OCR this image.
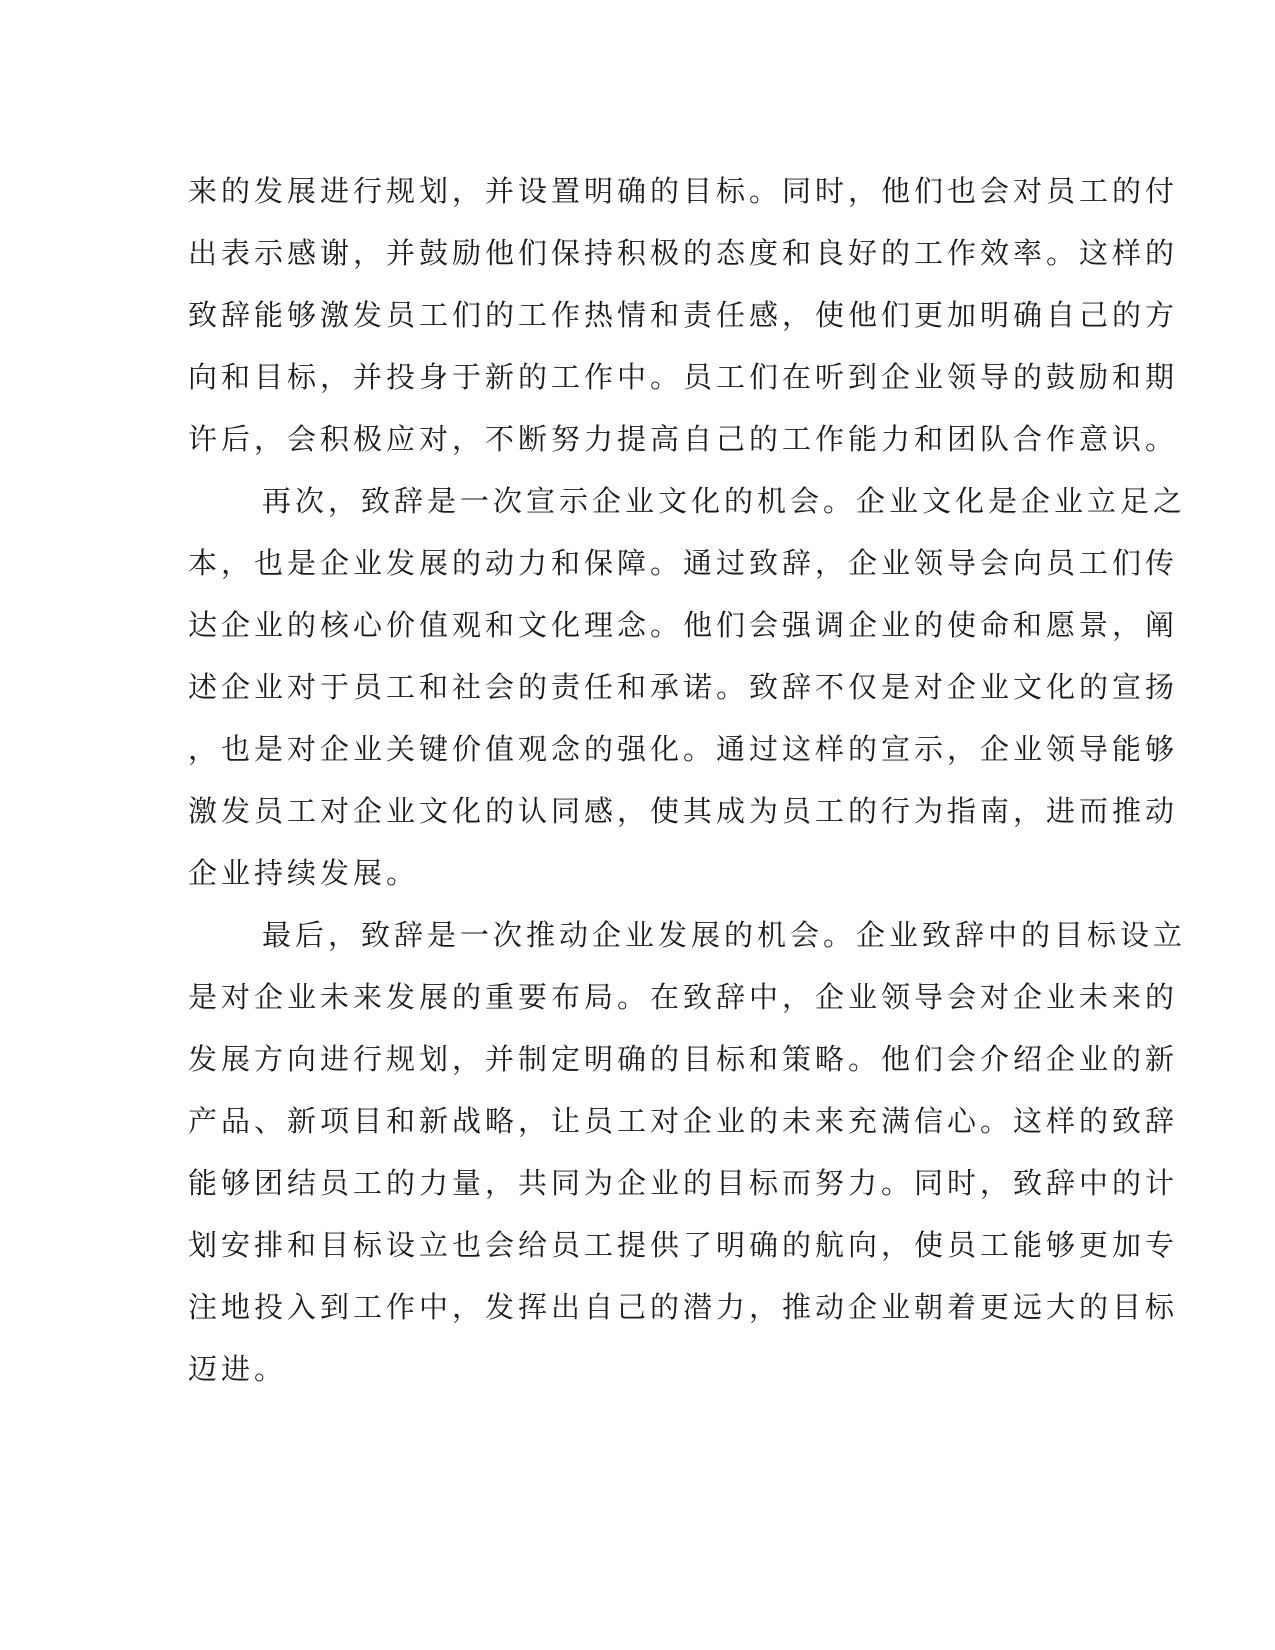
来的发展进行规划，并设置明确的目标。同时，他们也会对员工的付
出表示感谢，并鼓励他们保持积极的态度和良好的工作效率。这样的
致辞能够激发员工们的工作热情和责任感，使他们更加明确自己的方
向和目标，并投身于新的工作中。员工们在听到企业领导的鼓励和期
许后，会积极应对，不断努力提高自己的工作能力和团队合作意识。

再次，致辞是一次宣示企业文化的机会。企业文化是企业立足之
本，也是企业发展的动力和保障。通过致辞，企业领导会向员工们传
达企业的核心价值观和文化理念。他们会强调企业的使命和愿景，阐
述企业对于员工和社会的责任和承诺。致辞不仅是对企业文化的宣扬
，也是对企业关键价值观念的强化。通过这样的宣示，企业领导能够
激发员工对企业文化的认同感，使其成为员工的行为指南，进而推动
企业持续发展。

最后，致辞是一次推动企业发展的机会。企业致辞中的目标设立
是对企业未来发展的重要布局。在致辞中，企业领导会对企业未来的
发展方向进行规划，并制定明确的目标和策略。他们会介绍企业的新
产品、新项目和新战略，让员工对企业的未来充满信心。这样的致辞
能够团结员工的力量，共同为企业的目标而努力。同时，致辞中的计
划安排和目标设立也会给员工提供了明确的航向，使员工能够更加专
注地投入到工作中，发挥出自己的潜力，推动企业朝着更远大的目标
迈进。
